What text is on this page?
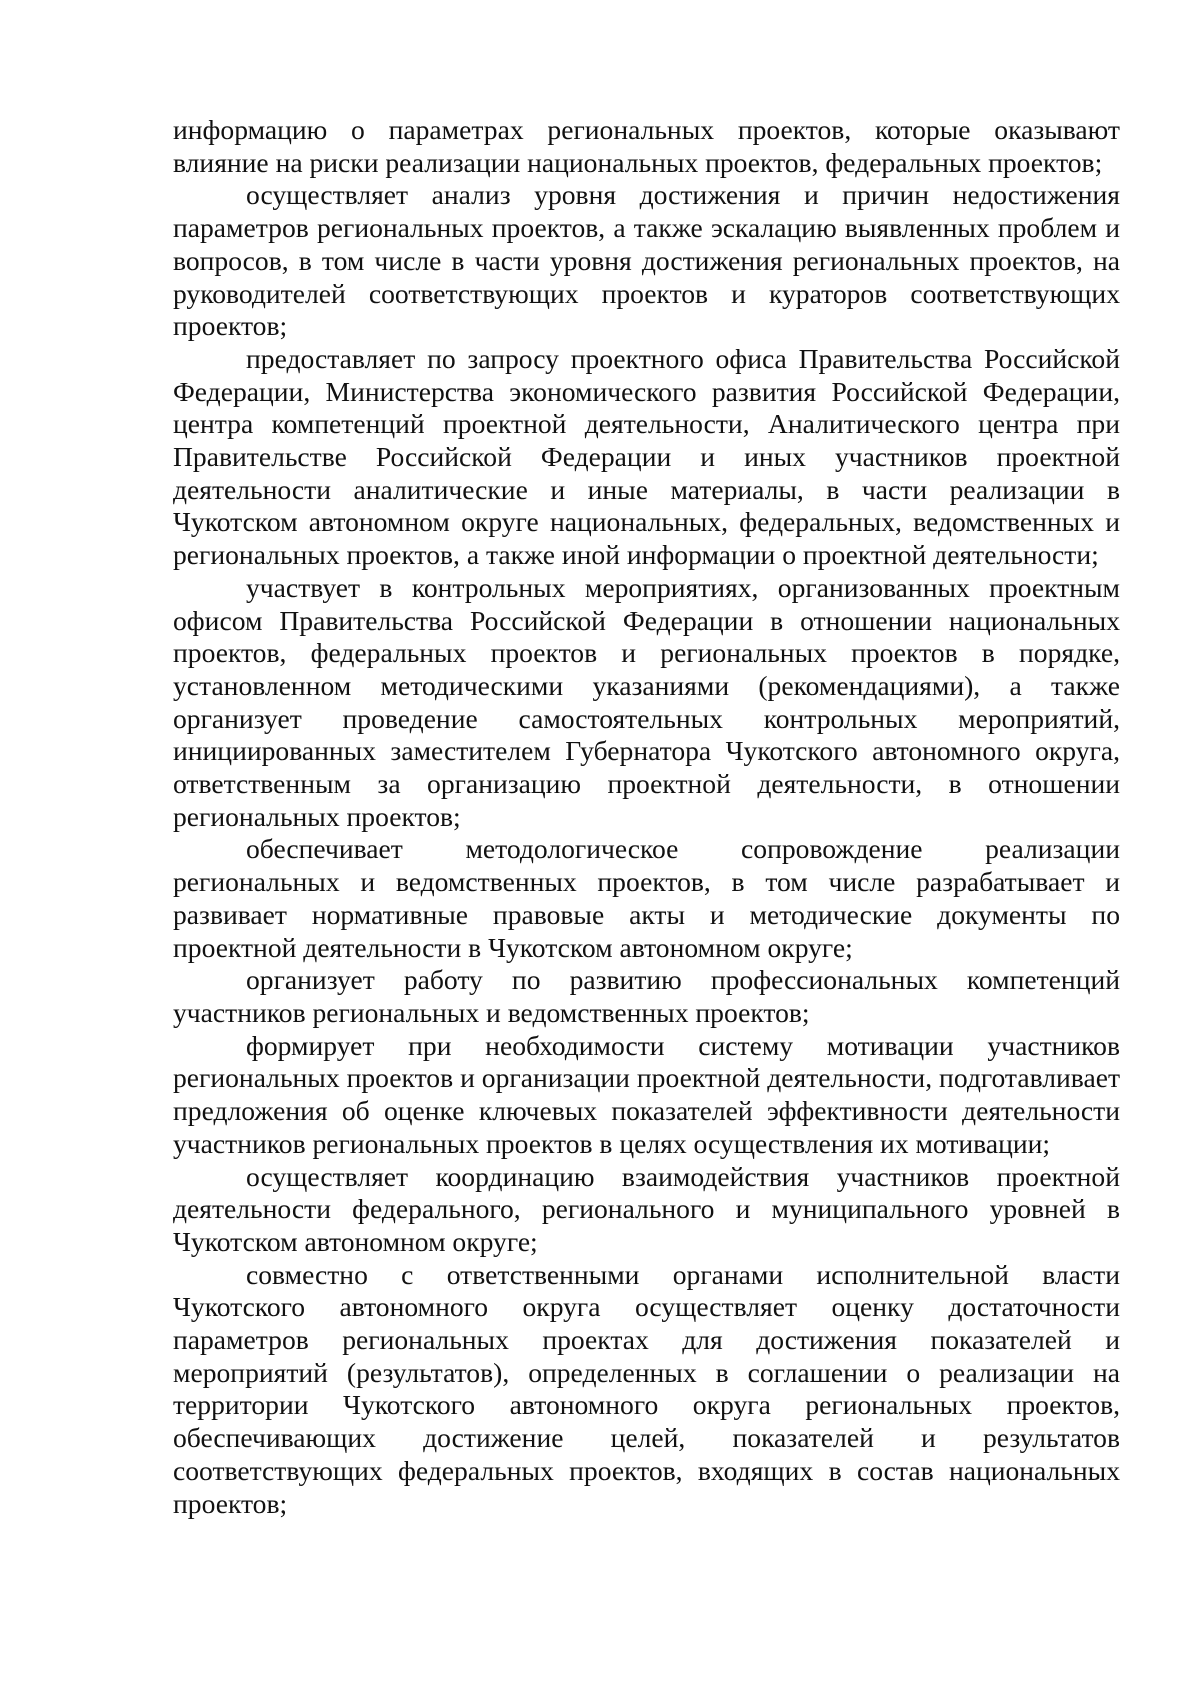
информацию о параметрах региональных проектов, которые оказывают влияние на риски реализации национальных проектов, федеральных проектов;

осуществляет анализ уровня достижения и причин недостижения параметров региональных проектов, а также эскалацию выявленных проблем и вопросов, в том числе в части уровня достижения региональных проектов, на руководителей соответствующих проектов и кураторов соответствующих проектов;

предоставляет по запросу проектного офиса Правительства Российской Федерации, Министерства экономического развития Российской Федерации, центра компетенций проектной деятельности, Аналитического центра при Правительстве Российской Федерации и иных участников проектной деятельности аналитические и иные материалы, в части реализации в Чукотском автономном округе национальных, федеральных, ведомственных и региональных проектов, а также иной информации о проектной деятельности;

участвует в контрольных мероприятиях, организованных проектным офисом Правительства Российской Федерации в отношении национальных проектов, федеральных проектов и региональных проектов в порядке, установленном методическими указаниями (рекомендациями), а также организует проведение самостоятельных контрольных мероприятий, инициированных заместителем Губернатора Чукотского автономного округа, ответственным за организацию проектной деятельности, в отношении региональных проектов;

обеспечивает методологическое сопровождение реализации региональных и ведомственных проектов, в том числе разрабатывает и развивает нормативные правовые акты и методические документы по проектной деятельности в Чукотском автономном округе;

организует работу по развитию профессиональных компетенций участников региональных и ведомственных проектов;

формирует при необходимости систему мотивации участников региональных проектов и организации проектной деятельности, подготавливает предложения об оценке ключевых показателей эффективности деятельности участников региональных проектов в целях осуществления их мотивации;

осуществляет координацию взаимодействия участников проектной деятельности федерального, регионального и муниципального уровней в Чукотском автономном округе;

совместно с ответственными органами исполнительной власти Чукотского автономного округа осуществляет оценку достаточности параметров региональных проектах для достижения показателей и мероприятий (результатов), определенных в соглашении о реализации на территории Чукотского автономного округа региональных проектов, обеспечивающих достижение целей, показателей и результатов соответствующих федеральных проектов, входящих в состав национальных проектов;
